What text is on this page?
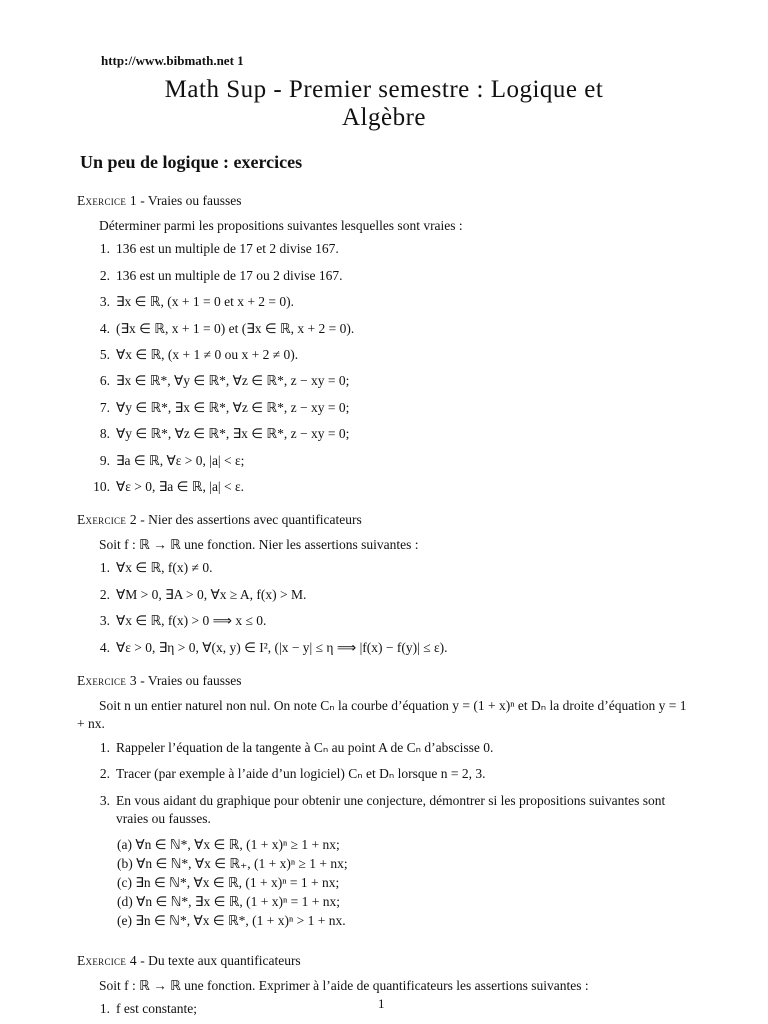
http://www.bibmath.net 1
Math Sup - Premier semestre : Logique et
Algèbre
Un peu de logique : exercices
Exercice 1 - Vraies ou fausses
Déterminer parmi les propositions suivantes lesquelles sont vraies :
1. 136 est un multiple de 17 et 2 divise 167.
2. 136 est un multiple de 17 ou 2 divise 167.
3. ∃x ∈ ℝ, (x + 1 = 0 et x + 2 = 0).
4. (∃x ∈ ℝ, x + 1 = 0) et (∃x ∈ ℝ, x + 2 = 0).
5. ∀x ∈ ℝ, (x + 1 ≠ 0 ou x + 2 ≠ 0).
6. ∃x ∈ ℝ*, ∀y ∈ ℝ*, ∀z ∈ ℝ*, z − xy = 0;
7. ∀y ∈ ℝ*, ∃x ∈ ℝ*, ∀z ∈ ℝ*, z − xy = 0;
8. ∀y ∈ ℝ*, ∀z ∈ ℝ*, ∃x ∈ ℝ*, z − xy = 0;
9. ∃a ∈ ℝ, ∀ε > 0, |a| < ε;
10. ∀ε > 0, ∃a ∈ ℝ, |a| < ε.
Exercice 2 - Nier des assertions avec quantificateurs
Soit f : ℝ → ℝ une fonction. Nier les assertions suivantes :
1. ∀x ∈ ℝ, f(x) ≠ 0.
2. ∀M > 0, ∃A > 0, ∀x ≥ A, f(x) > M.
3. ∀x ∈ ℝ, f(x) > 0 ⟹ x ≤ 0.
4. ∀ε > 0, ∃η > 0, ∀(x, y) ∈ I², (|x − y| ≤ η ⟹ |f(x) − f(y)| ≤ ε).
Exercice 3 - Vraies ou fausses
Soit n un entier naturel non nul. On note Cₙ la courbe d’équation y = (1 + x)ⁿ et Dₙ la droite d’équation y = 1 + nx.
1. Rappeler l’équation de la tangente à Cₙ au point A de Cₙ d’abscisse 0.
2. Tracer (par exemple à l’aide d’un logiciel) Cₙ et Dₙ lorsque n = 2, 3.
3. En vous aidant du graphique pour obtenir une conjecture, démontrer si les propositions suivantes sont vraies ou fausses.
(a) ∀n ∈ ℕ*, ∀x ∈ ℝ, (1 + x)ⁿ ≥ 1 + nx;
(b) ∀n ∈ ℕ*, ∀x ∈ ℝ₊, (1 + x)ⁿ ≥ 1 + nx;
(c) ∃n ∈ ℕ*, ∀x ∈ ℝ, (1 + x)ⁿ = 1 + nx;
(d) ∀n ∈ ℕ*, ∃x ∈ ℝ, (1 + x)ⁿ = 1 + nx;
(e) ∃n ∈ ℕ*, ∀x ∈ ℝ*, (1 + x)ⁿ > 1 + nx.
Exercice 4 - Du texte aux quantificateurs
Soit f : ℝ → ℝ une fonction. Exprimer à l’aide de quantificateurs les assertions suivantes :
1. f est constante;	1
